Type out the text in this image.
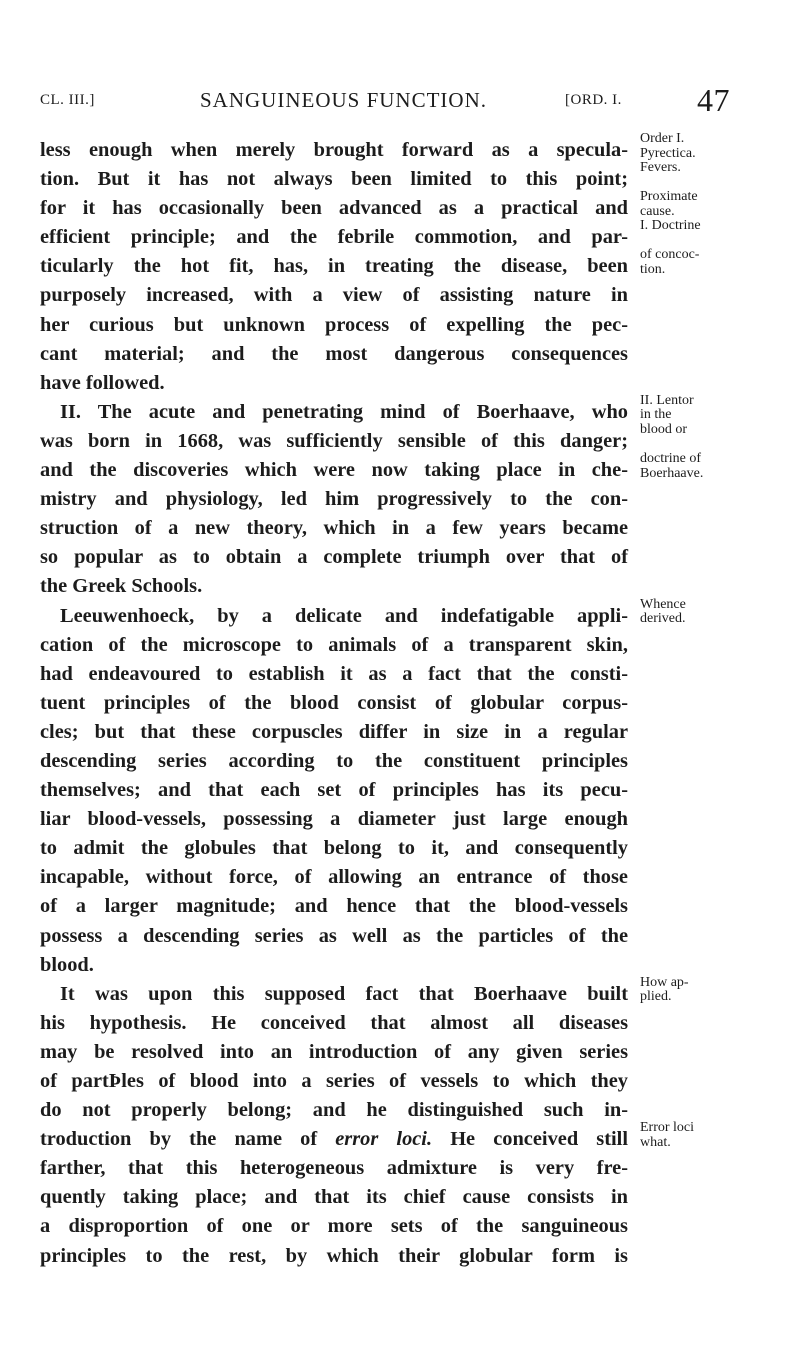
CL. III.]	SANGUINEOUS FUNCTION.	[ORD. I. 47
less enough when merely brought forward as a specula-
tion. But it has not always been limited to this point;
for it has occasionally been advanced as a practical and
efficient principle; and the febrile commotion, and par-
ticularly the hot fit, has, in treating the disease, been
purposely increased, with a view of assisting nature in
her curious but unknown process of expelling the pec-
cant material; and the most dangerous consequences
have followed.
II. The acute and penetrating mind of Boerhaave, who
was born in 1668, was sufficiently sensible of this danger;
and the discoveries which were now taking place in che-
mistry and physiology, led him progressively to the con-
struction of a new theory, which in a few years became
so popular as to obtain a complete triumph over that of
the Greek Schools.
Leeuwenhoeck, by a delicate and indefatigable appli-
cation of the microscope to animals of a transparent skin,
had endeavoured to establish it as a fact that the consti-
tuent principles of the blood consist of globular corpus-
cles; but that these corpuscles differ in size in a regular
descending series according to the constituent principles
themselves; and that each set of principles has its pecu-
liar blood-vessels, possessing a diameter just large enough
to admit the globules that belong to it, and consequently
incapable, without force, of allowing an entrance of those
of a larger magnitude; and hence that the blood-vessels
possess a descending series as well as the particles of the
blood.
It was upon this supposed fact that Boerhaave built
his hypothesis. He conceived that almost all diseases
may be resolved into an introduction of any given series
of partÞles of blood into a series of vessels to which they
do not properly belong; and he distinguished such in-
troduction by the name of error loci. He conceived still
farther, that this heterogeneous admixture is very fre-
quently taking place; and that its chief cause consists in
a disproportion of one or more sets of the sanguineous
principles to the rest, by which their globular form is
Order I.
Pyrectica.
Fevers.
Proximate
cause.
I. Doctrine
of concoc-
tion.
II. Lentor
in the
blood or
doctrine of
Boerhaave.
Whence
derived.
How ap-
plied.
Error loci
what.
